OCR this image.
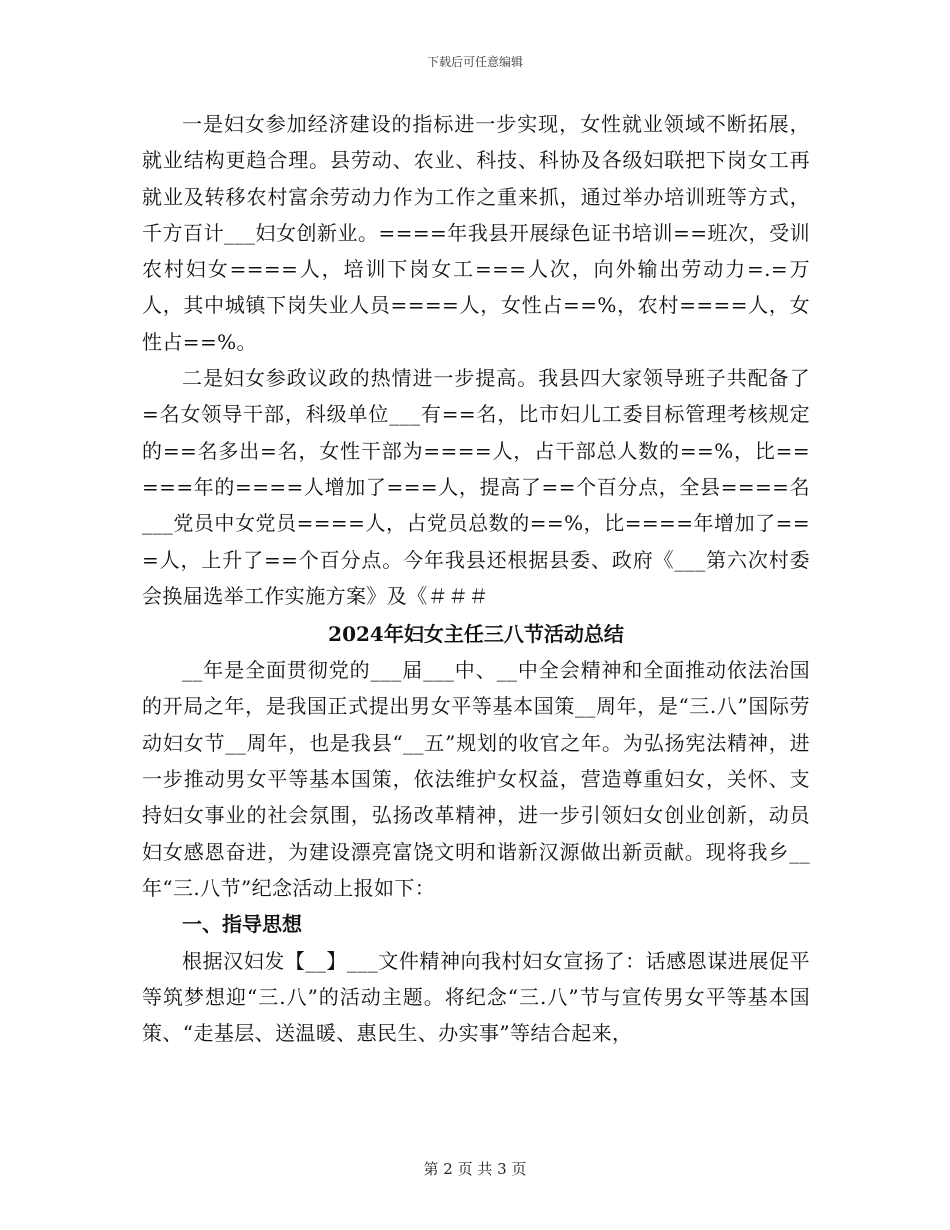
下载后可任意编辑

一是妇女参加经济建设的指标进一步实现，女性就业领域不断拓展，就业结构更趋合理。县劳动、农业、科技、科协及各级妇联把下岗女工再就业及转移农村富余劳动力作为工作之重来抓，通过举办培训班等方式，千方百计___妇女创新业。====年我县开展绿色证书培训==班次，受训农村妇女====人，培训下岗女工===人次，向外输出劳动力=.=万人，其中城镇下岗失业人员====人，女性占==%，农村====人，女性占==%。

二是妇女参政议政的热情进一步提高。我县四大家领导班子共配备了=名女领导干部，科级单位___有==名，比市妇儿工委目标管理考核规定的==名多出=名，女性干部为====人，占干部总人数的==%，比=====年的====人增加了===人，提高了==个百分点，全县====名___党员中女党员====人，占党员总数的==%，比====年增加了===人，上升了==个百分点。今年我县还根据县委、政府《___第六次村委会换届选举工作实施方案》及《＃＃＃

2024年妇女主任三八节活动总结

__年是全面贯彻党的___届___中、__中全会精神和全面推动依法治国的开局之年，是我国正式提出男女平等基本国策__周年，是“三.八”国际劳动妇女节__周年，也是我县“__五”规划的收官之年。为弘扬宪法精神，进一步推动男女平等基本国策，依法维护女权益，营造尊重妇女，关怀、支持妇女事业的社会氛围，弘扬改革精神，进一步引领妇女创业创新，动员妇女感恩奋进，为建设漂亮富饶文明和谐新汉源做出新贡献。现将我乡__年“三.八节”纪念活动上报如下：

一、指导思想

根据汉妇发【__】___文件精神向我村妇女宣扬了：话感恩谋进展促平等筑梦想迎“三.八”的活动主题。将纪念“三.八”节与宣传男女平等基本国策、“走基层、送温暖、惠民生、办实事”等结合起来，

第 2 页 共 3 页
